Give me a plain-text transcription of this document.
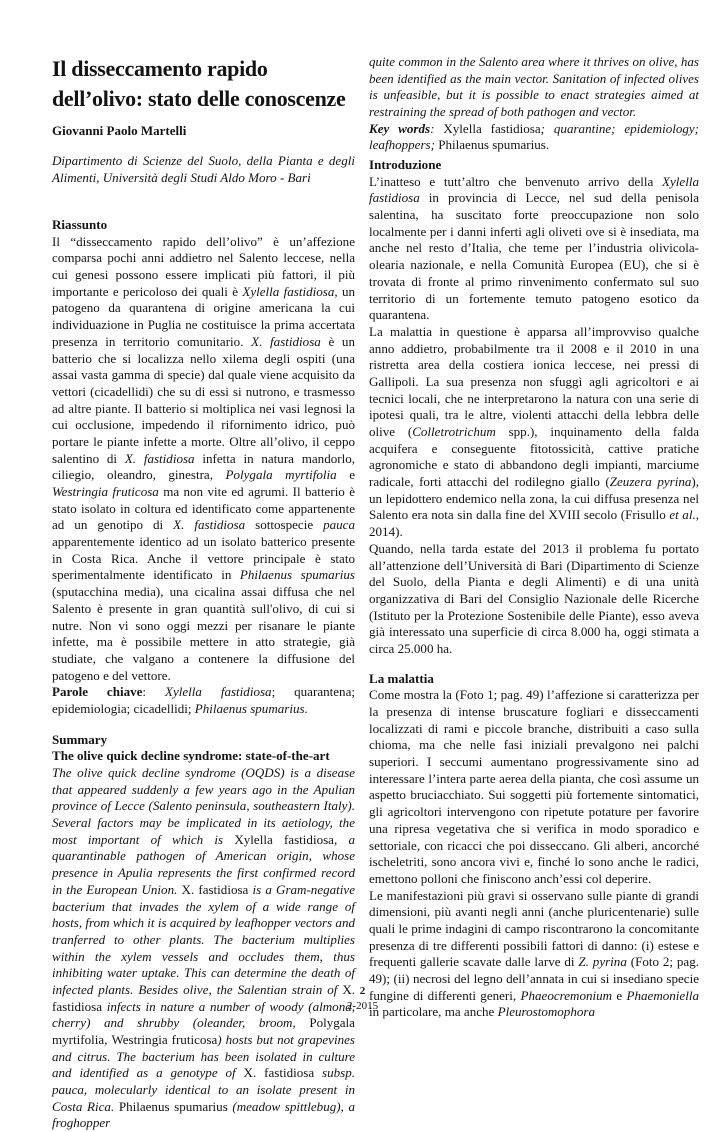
Il disseccamento rapido dell’olivo: stato delle conoscenze
Giovanni Paolo Martelli
Dipartimento di Scienze del Suolo, della Pianta e degli Alimenti, Università degli Studi Aldo Moro - Bari

Riassunto

Il “disseccamento rapido dell’olivo” è un’affezione comparsa pochi anni addietro nel Salento leccese, nella cui genesi possono essere implicati più fattori, il più importante e pericoloso dei quali è Xylella fastidiosa, un patogeno da quarantena di origine americana la cui individuazione in Puglia ne costituisce la prima accertata presenza in territorio comunitario. X. fastidiosa è un batterio che si localizza nello xilema degli ospiti (una assai vasta gamma di specie) dal quale viene acquisito da vettori (cicadellidi) che su di essi si nutrono, e trasmesso ad altre piante. Il batterio si moltiplica nei vasi legnosi la cui occlusione, impedendo il rifornimento idrico, può portare le piante infette a morte. Oltre all’olivo, il ceppo salentino di X. fastidiosa infetta in natura mandorlo, ciliegio, oleandro, ginestra, Polygala myrtifolia e Westringia fruticosa ma non vite ed agrumi. Il batterio è stato isolato in coltura ed identificato come appartenente ad un genotipo di X. fastidiosa sottospecie pauca apparentemente identico ad un isolato batterico presente in Costa Rica. Anche il vettore principale è stato sperimentalmente identificato in Philaenus spumarius (sputacchina media), una cicalina assai diffusa che nel Salento è presente in gran quantità sull'olivo, di cui si nutre. Non vi sono oggi mezzi per risanare le piante infette, ma è possibile mettere in atto strategie, già studiate, che valgano a contenere la diffusione del patogeno e del vettore.

Parole chiave: Xylella fastidiosa; quarantena; epidemiologia; cicadellidi; Philaenus spumarius.

Summary

The olive quick decline syndrome: state-of-the-art

The olive quick decline syndrome (OQDS) is a disease that appeared suddenly a few years ago in the Apulian province of Lecce (Salento peninsula, southeastern Italy). Several factors may be implicated in its aetiology, the most important of which is Xylella fastidiosa, a quarantinable pathogen of American origin, whose presence in Apulia represents the first confirmed record in the European Union. X. fastidiosa is a Gram-negative bacterium that invades the xylem of a wide range of hosts, from which it is acquired by leafhopper vectors and tranferred to other plants. The bacterium multiplies within the xylem vessels and occludes them, thus inhibiting water uptake. This can determine the death of infected plants. Besides olive, the Salentian strain of X. fastidiosa infects in nature a number of woody (almond, cherry) and shrubby (oleander, broom, Polygala myrtifolia, Westringia fruticosa) hosts but not grapevines and citrus. The bacterium has been isolated in culture and identified as a genotype of X. fastidiosa subsp. pauca, molecularly identical to an isolate present in Costa Rica. Philaenus spumarius (meadow spittlebug), a froghopper

quite common in the Salento area where it thrives on olive, has been identified as the main vector. Sanitation of infected olives is unfeasible, but it is possible to enact strategies aimed at restraining the spread of both pathogen and vector.

Key words: Xylella fastidiosa; quarantine; epidemiology; leafhoppers; Philaenus spumarius.

Introduzione

L’inatteso e tutt’altro che benvenuto arrivo della Xylella fastidiosa in provincia di Lecce, nel sud della penisola salentina, ha suscitato forte preoccupazione non solo localmente per i danni inferti agli oliveti ove si è insediata, ma anche nel resto d’Italia, che teme per l’industria olivicola-olearia nazionale, e nella Comunità Europea (EU), che si è trovata di fronte al primo rinvenimento confermato sul suo territorio di un fortemente temuto patogeno esotico da quarantena.

La malattia in questione è apparsa all’improvviso qualche anno addietro, probabilmente tra il 2008 e il 2010 in una ristretta area della costiera ionica leccese, nei pressi di Gallipoli. La sua presenza non sfuggì agli agricoltori e ai tecnici locali, che ne interpretarono la natura con una serie di ipotesi quali, tra le altre, violenti attacchi della lebbra delle olive (Colletrotrichum spp.), inquinamento della falda acquifera e conseguente fitotossicità, cattive pratiche agronomiche e stato di abbandono degli impianti, marciume radicale, forti attacchi del rodilegno giallo (Zeuzera pyrina), un lepidottero endemico nella zona, la cui diffusa presenza nel Salento era nota sin dalla fine del XVIII secolo (Frisullo et al., 2014).

Quando, nella tarda estate del 2013 il problema fu portato all’attenzione dell’Università di Bari (Dipartimento di Scienze del Suolo, della Pianta e degli Alimenti) e di una unità organizzativa di Bari del Consiglio Nazionale delle Ricerche (Istituto per la Protezione Sostenibile delle Piante), esso aveva già interessato una superficie di circa 8.000 ha, oggi stimata a circa 25.000 ha.

La malattia

Come mostra la (Foto 1; pag. 49) l’affezione si caratterizza per la presenza di intense bruscature fogliari e disseccamenti localizzati di rami e piccole branche, distribuiti a caso sulla chioma, ma che nelle fasi iniziali prevalgono nei palchi superiori. I seccumi aumentano progressivamente sino ad interessare l’intera parte aerea della pianta, che così assume un aspetto bruciacchiato. Sui soggetti più fortemente sintomatici, gli agricoltori intervengono con ripetute potature per favorire una ripresa vegetativa che si verifica in modo sporadico e settoriale, con ricacci che poi disseccano. Gli alberi, ancorché ischeletriti, sono ancora vivi e, finché lo sono anche le radici, emettono polloni che finiscono anch’essi col deperire.

Le manifestazioni più gravi si osservano sulle piante di grandi dimensioni, più avanti negli anni (anche pluricentenarie) sulle quali le prime indagini di campo riscontrarono la concomitante presenza di tre differenti possibili fattori di danno: (i) estese e frequenti gallerie scavate dalle larve di Z. pyrina (Foto 2; pag. 49); (ii) necrosi del legno dell’annata in cui si insediano specie fungine di differenti generi, Phaeocremonium e Phaemoniella in particolare, ma anche Pleurostomophora

2
2-2015
